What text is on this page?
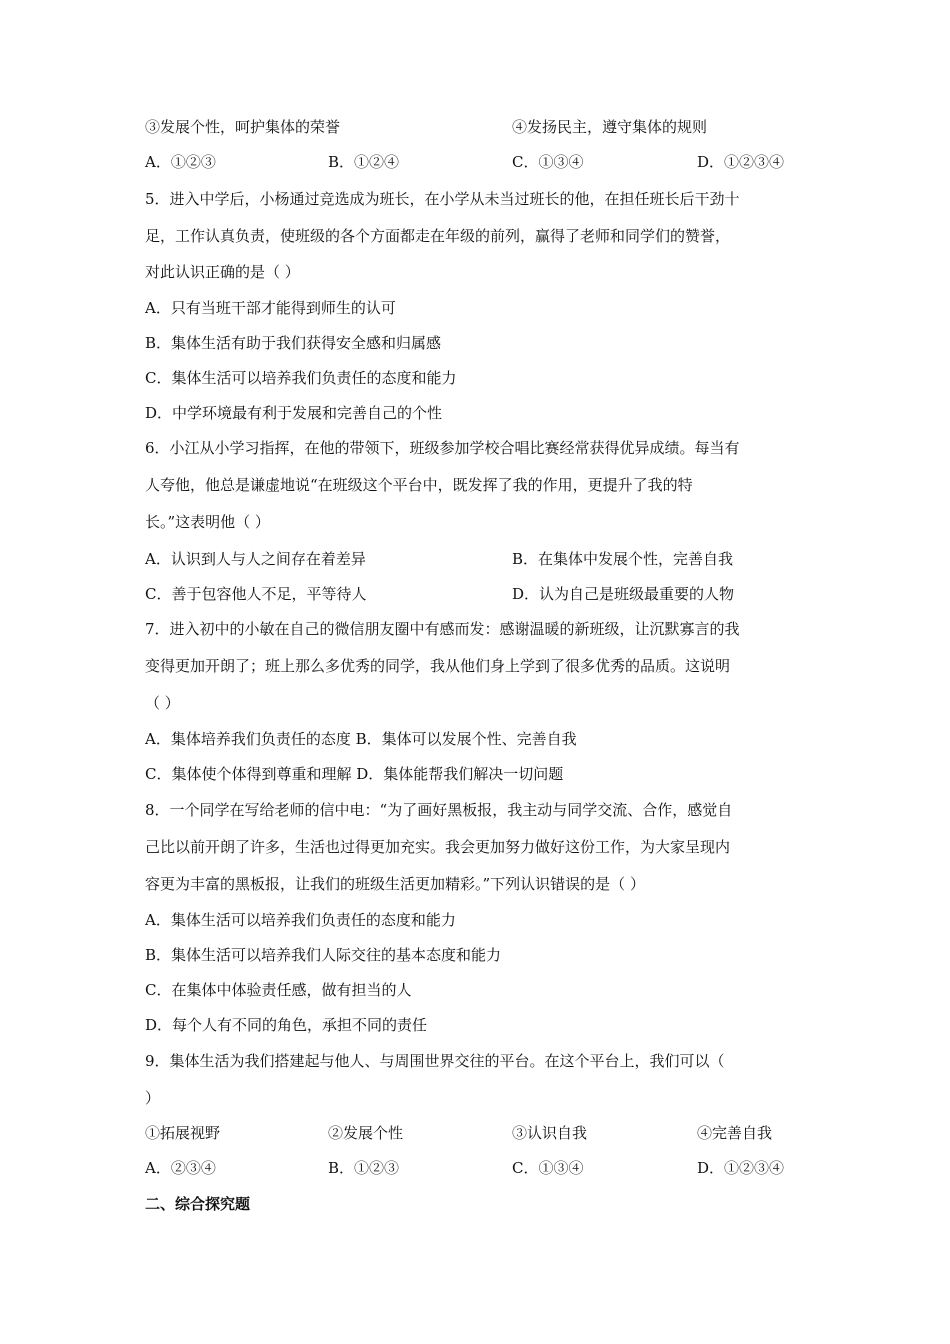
③发展个性，呵护集体的荣誉	④发扬民主，遵守集体的规则
A．①②③	B．①②④	C．①③④	D．①②③④
5．进入中学后，小杨通过竞选成为班长，在小学从未当过班长的他，在担任班长后干劲十
足，工作认真负责，使班级的各个方面都走在年级的前列，赢得了老师和同学们的赞誉，
对此认识正确的是（ ）
A．只有当班干部才能得到师生的认可
B．集体生活有助于我们获得安全感和归属感
C．集体生活可以培养我们负责任的态度和能力
D．中学环境最有利于发展和完善自己的个性
6．小江从小学习指挥，在他的带领下，班级参加学校合唱比赛经常获得优异成绩。每当有
人夸他，他总是谦虚地说“在班级这个平台中，既发挥了我的作用，更提升了我的特
长。”这表明他（ ）
A．认识到人与人之间存在着差异	B．在集体中发展个性，完善自我
C．善于包容他人不足，平等待人	D．认为自己是班级最重要的人物
7．进入初中的小敏在自己的微信朋友圈中有感而发：感谢温暖的新班级，让沉默寡言的我
变得更加开朗了；班上那么多优秀的同学，我从他们身上学到了很多优秀的品质。这说明
（ ）
A．集体培养我们负责任的态度 B．集体可以发展个性、完善自我
C．集体使个体得到尊重和理解 D．集体能帮我们解决一切问题
8．一个同学在写给老师的信中电：“为了画好黑板报，我主动与同学交流、合作，感觉自
己比以前开朗了许多，生活也过得更加充实。我会更加努力做好这份工作，为大家呈现内
容更为丰富的黑板报，让我们的班级生活更加精彩。”下列认识错误的是（ ）
A．集体生活可以培养我们负责任的态度和能力
B．集体生活可以培养我们人际交往的基本态度和能力
C．在集体中体验责任感，做有担当的人
D．每个人有不同的角色，承担不同的责任
9．集体生活为我们搭建起与他人、与周围世界交往的平台。在这个平台上，我们可以（
）
①拓展视野	②发展个性	③认识自我	④完善自我
A．②③④	B．①②③	C．①③④	D．①②③④
二、综合探究题
